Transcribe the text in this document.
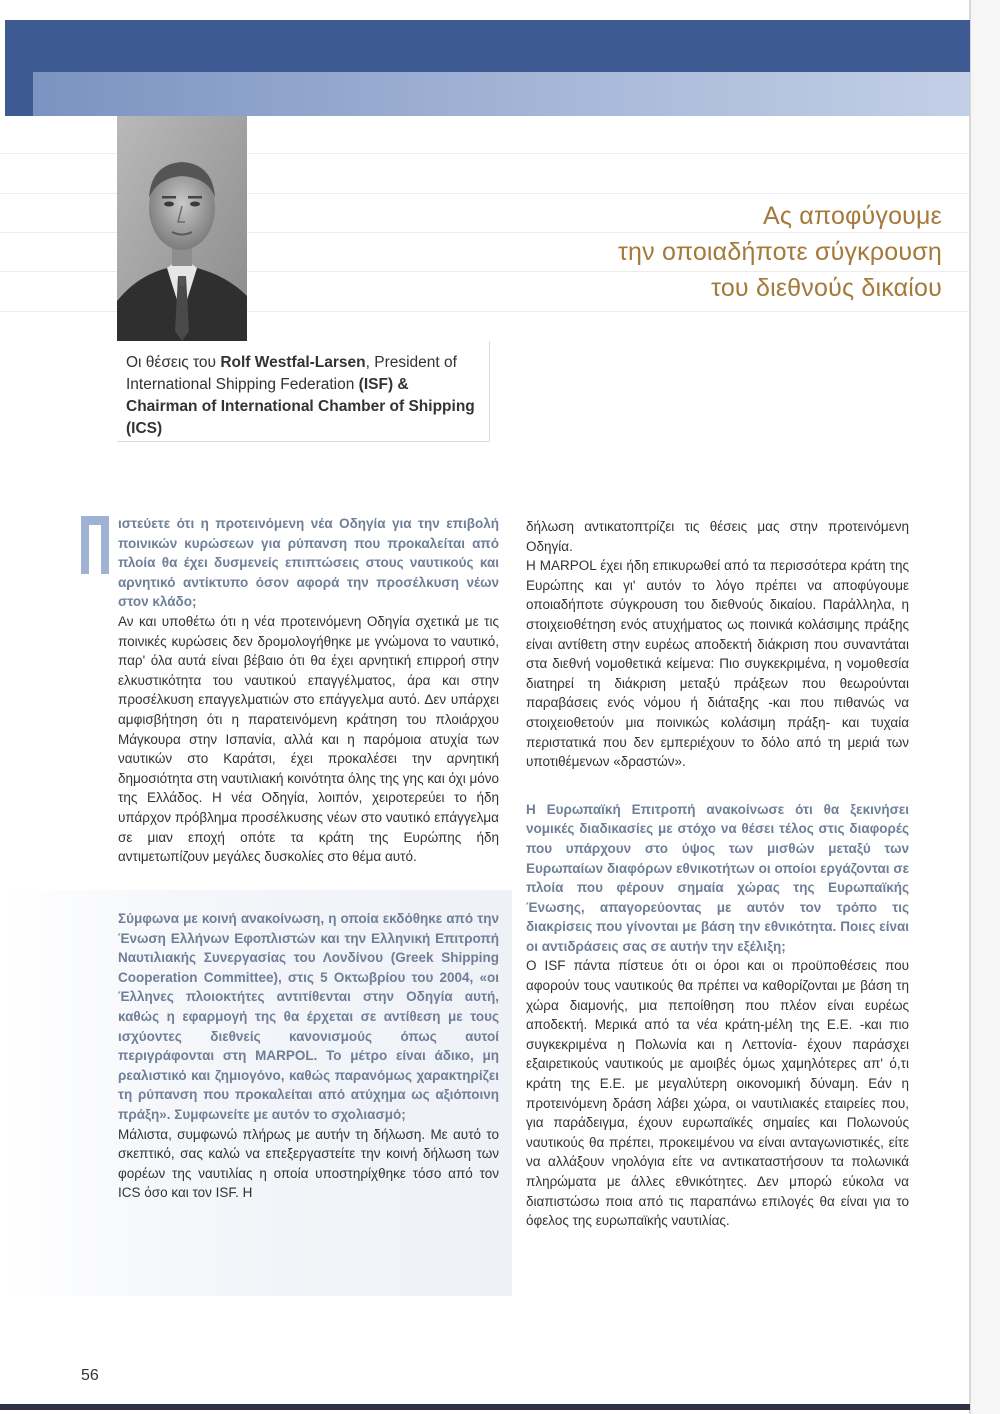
Ας αποφύγουμε
την οποιαδήποτε σύγκρουση
του διεθνούς δικαίου
Οι θέσεις του Rolf Westfal-Larsen, President of International Shipping Federation (ISF) & Chairman of International Chamber of Shipping (ICS)

ιστεύετε ότι η προτεινόμενη νέα Οδηγία για την επιβολή ποινικών κυρώσεων για ρύπανση που προκαλείται από πλοία θα έχει δυσμενείς επιπτώσεις στους ναυτικούς και αρνητικό αντίκτυπο όσον αφορά την προσέλκυση νέων στον κλάδο;

Αν και υποθέτω ότι η νέα προτεινόμενη Οδηγία σχετικά με τις ποινικές κυρώσεις δεν δρομολογήθηκε με γνώμονα το ναυτικό, παρ' όλα αυτά είναι βέβαιο ότι θα έχει αρνητική επιρροή στην ελκυστικότητα του ναυτικού επαγγέλματος, άρα και στην προσέλκυση επαγγελματιών στο επάγγελμα αυτό. Δεν υπάρχει αμφισβήτηση ότι η παρατεινόμενη κράτηση του πλοιάρχου Μάγκουρα στην Ισπανία, αλλά και η παρόμοια ατυχία των ναυτικών στο Καράτσι, έχει προκαλέσει την αρνητική δημοσιότητα στη ναυτιλιακή κοινότητα όλης της γης και όχι μόνο της Ελλάδος. Η νέα Οδηγία, λοιπόν, χειροτερεύει το ήδη υπάρχον πρόβλημα προσέλκυσης νέων στο ναυτικό επάγγελμα σε μιαν εποχή οπότε τα κράτη της Ευρώπης ήδη αντιμετωπίζουν μεγάλες δυσκολίες στο θέμα αυτό.

Σύμφωνα με κοινή ανακοίνωση, η οποία εκδόθηκε από την Ένωση Ελλήνων Εφοπλιστών και την Ελληνική Επιτροπή Ναυτιλιακής Συνεργασίας του Λονδίνου (Greek Shipping Cooperation Committee), στις 5 Οκτωβρίου του 2004, «οι Έλληνες πλοιοκτήτες αντιτίθενται στην Οδηγία αυτή, καθώς η εφαρμογή της θα έρχεται σε αντίθεση με τους ισχύοντες διεθνείς κανονισμούς όπως αυτοί περιγράφονται στη MARPOL. Το μέτρο είναι άδικο, μη ρεαλιστικό και ζημιογόνο, καθώς παρανόμως χαρακτηρίζει τη ρύπανση που προκαλείται από ατύχημα ως αξιόποινη πράξη». Συμφωνείτε με αυτόν το σχολιασμό;

Μάλιστα, συμφωνώ πλήρως με αυτήν τη δήλωση. Με αυτό το σκεπτικό, σας καλώ να επεξεργαστείτε την κοινή δήλωση των φορέων της ναυτιλίας η οποία υποστηρίχθηκε τόσο από τον ICS όσο και τον ISF. Η

δήλωση αντικατοπτρίζει τις θέσεις μας στην προτεινόμενη Οδηγία.

Η MARPOL έχει ήδη επικυρωθεί από τα περισσότερα κράτη της Ευρώπης και γι' αυτόν το λόγο πρέπει να αποφύγουμε οποιαδήποτε σύγκρουση του διεθνούς δικαίου. Παράλληλα, η στοιχειοθέτηση ενός ατυχήματος ως ποινικά κολάσιμης πράξης είναι αντίθετη στην ευρέως αποδεκτή διάκριση που συναντάται στα διεθνή νομοθετικά κείμενα: Πιο συγκεκριμένα, η νομοθεσία διατηρεί τη διάκριση μεταξύ πράξεων που θεωρούνται παραβάσεις ενός νόμου ή διάταξης -και που πιθανώς να στοιχειοθετούν μια ποινικώς κολάσιμη πράξη- και τυχαία περιστατικά που δεν εμπεριέχουν το δόλο από τη μεριά των υποτιθέμενων «δραστών».

Η Ευρωπαϊκή Επιτροπή ανακοίνωσε ότι θα ξεκινήσει νομικές διαδικασίες με στόχο να θέσει τέλος στις διαφορές που υπάρχουν στο ύψος των μισθών μεταξύ των Ευρωπαίων διαφόρων εθνικοτήτων οι οποίοι εργάζονται σε πλοία που φέρουν σημαία χώρας της Ευρωπαϊκής Ένωσης, απαγορεύοντας με αυτόν τον τρόπο τις διακρίσεις που γίνονται με βάση την εθνικότητα. Ποιες είναι οι αντιδράσεις σας σε αυτήν την εξέλιξη;

Ο ISF πάντα πίστευε ότι οι όροι και οι προϋποθέσεις που αφορούν τους ναυτικούς θα πρέπει να καθορίζονται με βάση τη χώρα διαμονής, μια πεποίθηση που πλέον είναι ευρέως αποδεκτή. Μερικά από τα νέα κράτη-μέλη της Ε.Ε. -και πιο συγκεκριμένα η Πολωνία και η Λεττονία- έχουν παράσχει εξαιρετικούς ναυτικούς με αμοιβές όμως χαμηλότερες απ' ό,τι κράτη της Ε.Ε. με μεγαλύτερη οικονομική δύναμη. Εάν η προτεινόμενη δράση λάβει χώρα, οι ναυτιλιακές εταιρείες που, για παράδειγμα, έχουν ευρωπαϊκές σημαίες και Πολωνούς ναυτικούς θα πρέπει, προκειμένου να είναι ανταγωνιστικές, είτε να αλλάξουν νηολόγια είτε να αντικαταστήσουν τα πολωνικά πληρώματα με άλλες εθνικότητες. Δεν μπορώ εύκολα να διαπιστώσω ποια από τις παραπάνω επιλογές θα είναι για το όφελος της ευρωπαϊκής ναυτιλίας.

56
